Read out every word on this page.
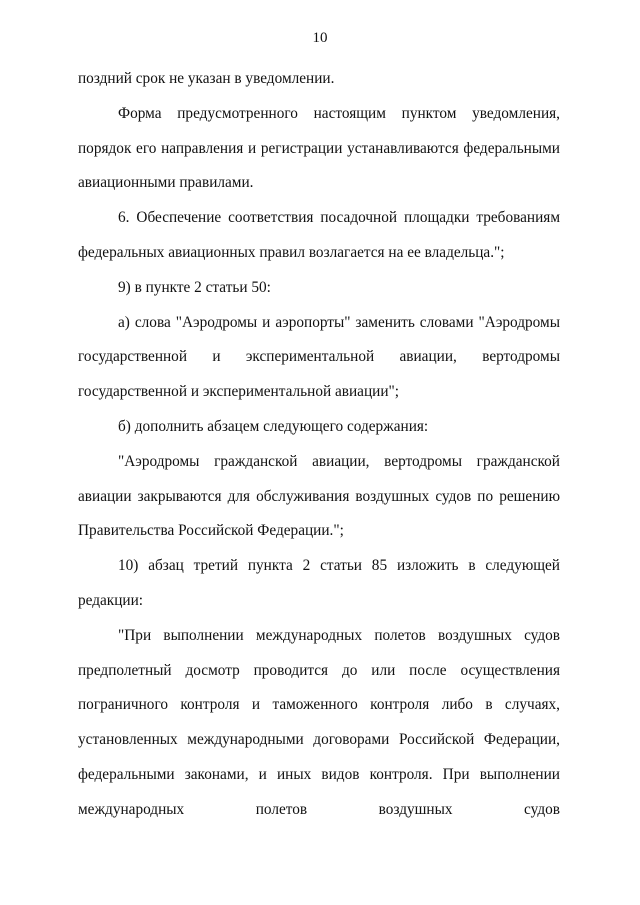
10

поздний срок не указан в уведомлении.

Форма предусмотренного настоящим пунктом уведомления, порядок его направления и регистрации устанавливаются федеральными авиационными правилами.

6. Обеспечение соответствия посадочной площадки требованиям федеральных авиационных правил возлагается на ее владельца.";

9) в пункте 2 статьи 50:

а) слова "Аэродромы и аэропорты" заменить словами "Аэродромы государственной и экспериментальной авиации, вертодромы государственной и экспериментальной авиации";

б) дополнить абзацем следующего содержания:

"Аэродромы гражданской авиации, вертодромы гражданской авиации закрываются для обслуживания воздушных судов по решению Правительства Российской Федерации.";

10) абзац третий пункта 2 статьи 85 изложить в следующей редакции:

"При выполнении международных полетов воздушных судов предполетный досмотр проводится до или после осуществления пограничного контроля и таможенного контроля либо в случаях, установленных международными договорами Российской Федерации, федеральными законами, и иных видов контроля. При выполнении международных полетов воздушных судов
